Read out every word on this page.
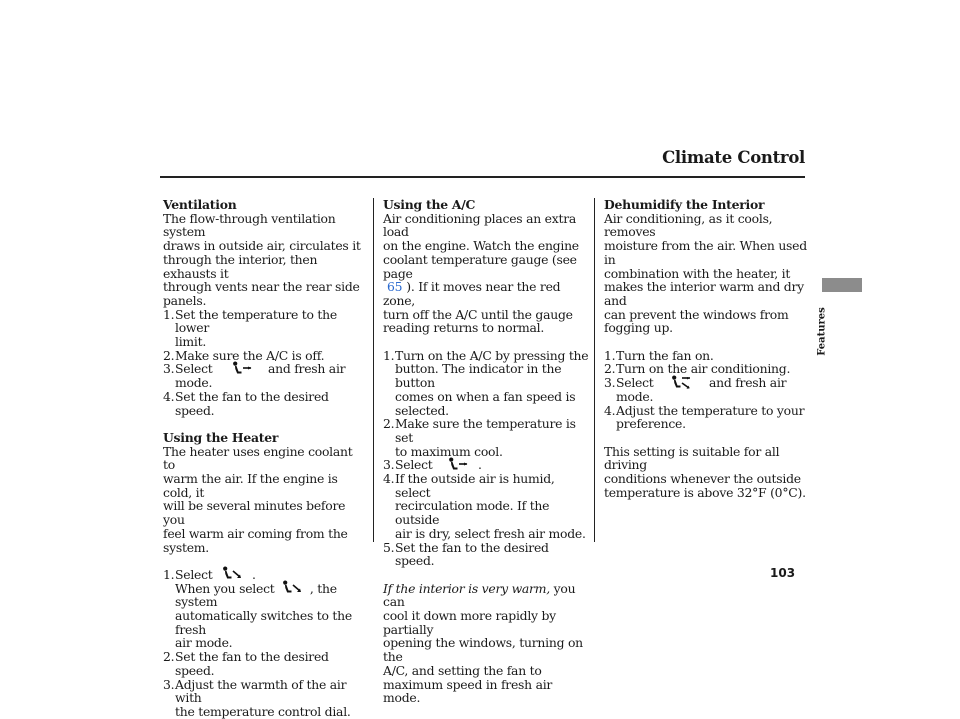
Climate Control

Ventilation

The flow-through ventilation system

draws in outside air, circulates it

through the interior, then exhausts it

through vents near the rear side

panels.

1. Set the temperature to the lower

limit.

2. Make sure the A/C is off.
3. Select	and fresh air mode.
4. Set the fan to the desired speed.

Using the Heater

The heater uses engine coolant to

warm the air. If the engine is cold, it

will be several minutes before you

feel warm air coming from the

system.

1. Select	.

When you select	, the system

automatically switches to the fresh

air mode.

2. Set the fan to the desired speed.
3. Adjust the warmth of the air with

the temperature control dial.

Using the A/C

Air conditioning places an extra load

on the engine. Watch the engine

coolant temperature gauge (see page

65 ). If it moves near the red zone,

turn off the A/C until the gauge

reading returns to normal.

1. Turn on the A/C by pressing the

button. The indicator in the button

comes on when a fan speed is

selected.

2. Make sure the temperature is set

to maximum cool.

3. Select	.
4. If the outside air is humid, select

recirculation mode. If the outside

air is dry, select fresh air mode.

5. Set the fan to the desired speed.

If the interior is very warm, you can

cool it down more rapidly by partially

opening the windows, turning on the

A/C, and setting the fan to

maximum speed in fresh air mode.

Dehumidify the Interior

Air conditioning, as it cools, removes

moisture from the air. When used in

combination with the heater, it

makes the interior warm and dry and

can prevent the windows from

fogging up.

1. Turn the fan on.
2. Turn on the air conditioning.
3. Select	and fresh air mode.
4. Adjust the temperature to your

preference.

This setting is suitable for all driving

conditions whenever the outside

temperature is above 32°F (0°C).

Features
103
